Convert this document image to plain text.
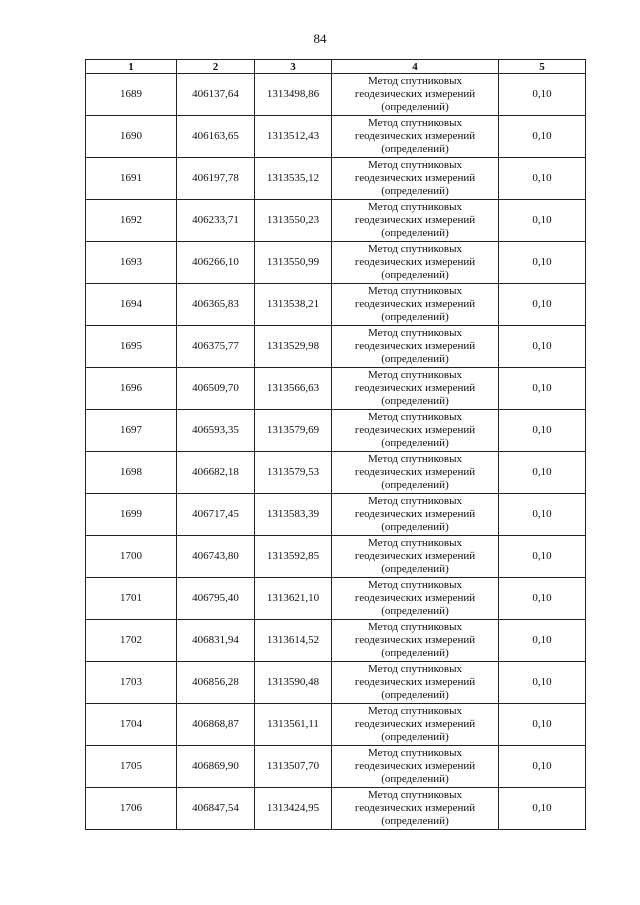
84
1	2	3	4	5
1689	406137,64	1313498,86	Метод спутниковых
геодезических измерений
(определений)	0,10
1690	406163,65	1313512,43	Метод спутниковых
геодезических измерений
(определений)	0,10
1691	406197,78	1313535,12	Метод спутниковых
геодезических измерений
(определений)	0,10
1692	406233,71	1313550,23	Метод спутниковых
геодезических измерений
(определений)	0,10
1693	406266,10	1313550,99	Метод спутниковых
геодезических измерений
(определений)	0,10
1694	406365,83	1313538,21	Метод спутниковых
геодезических измерений
(определений)	0,10
1695	406375,77	1313529,98	Метод спутниковых
геодезических измерений
(определений)	0,10
1696	406509,70	1313566,63	Метод спутниковых
геодезических измерений
(определений)	0,10
1697	406593,35	1313579,69	Метод спутниковых
геодезических измерений
(определений)	0,10
1698	406682,18	1313579,53	Метод спутниковых
геодезических измерений
(определений)	0,10
1699	406717,45	1313583,39	Метод спутниковых
геодезических измерений
(определений)	0,10
1700	406743,80	1313592,85	Метод спутниковых
геодезических измерений
(определений)	0,10
1701	406795,40	1313621,10	Метод спутниковых
геодезических измерений
(определений)	0,10
1702	406831,94	1313614,52	Метод спутниковых
геодезических измерений
(определений)	0,10
1703	406856,28	1313590,48	Метод спутниковых
геодезических измерений
(определений)	0,10
1704	406868,87	1313561,11	Метод спутниковых
геодезических измерений
(определений)	0,10
1705	406869,90	1313507,70	Метод спутниковых
геодезических измерений
(определений)	0,10
1706	406847,54	1313424,95	Метод спутниковых
геодезических измерений
(определений)	0,10
